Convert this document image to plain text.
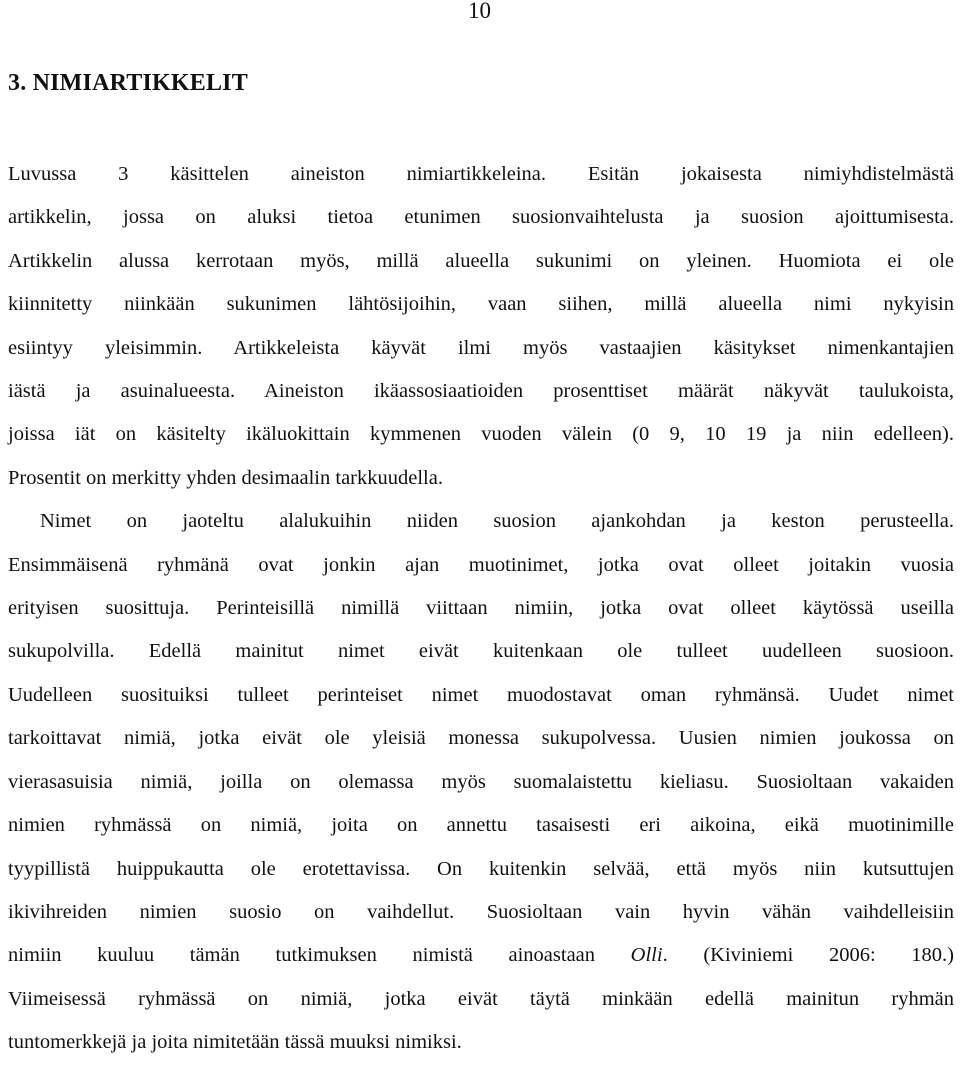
10
3. NIMIARTIKKELIT

Luvussa 3 käsittelen aineiston nimiartikkeleina. Esitän jokaisesta nimiyhdistelmästä
artikkelin, jossa on aluksi tietoa etunimen suosionvaihtelusta ja suosion ajoittumisesta.
Artikkelin alussa kerrotaan myös, millä alueella sukunimi on yleinen. Huomiota ei ole
kiinnitetty niinkään sukunimen lähtösijoihin, vaan siihen, millä alueella nimi nykyisin
esiintyy yleisimmin. Artikkeleista käyvät ilmi myös vastaajien käsitykset nimenkantajien
iästä ja asuinalueesta. Aineiston ikäassosiaatioiden prosenttiset määrät näkyvät taulukoista,
joissa iät on käsitelty ikäluokittain kymmenen vuoden välein (0 9, 10 19 ja niin edelleen).
Prosentit on merkitty yhden desimaalin tarkkuudella.

Nimet on jaoteltu alalukuihin niiden suosion ajankohdan ja keston perusteella.
Ensimmäisenä ryhmänä ovat jonkin ajan muotinimet, jotka ovat olleet joitakin vuosia
erityisen suosittuja. Perinteisillä nimillä viittaan nimiin, jotka ovat olleet käytössä useilla
sukupolvilla. Edellä mainitut nimet eivät kuitenkaan ole tulleet uudelleen suosioon.
Uudelleen suosituiksi tulleet perinteiset nimet muodostavat oman ryhmänsä. Uudet nimet
tarkoittavat nimiä, jotka eivät ole yleisiä monessa sukupolvessa. Uusien nimien joukossa on
vierasasuisia nimiä, joilla on olemassa myös suomalaistettu kieliasu. Suosioltaan vakaiden
nimien ryhmässä on nimiä, joita on annettu tasaisesti eri aikoina, eikä muotinimille
tyypillistä huippukautta ole erotettavissa. On kuitenkin selvää, että myös niin kutsuttujen
ikivihreiden nimien suosio on vaihdellut. Suosioltaan vain hyvin vähän vaihdelleisiin
nimiin kuuluu tämän tutkimuksen nimistä ainoastaan Olli. (Kiviniemi 2006: 180.)
Viimeisessä ryhmässä on nimiä, jotka eivät täytä minkään edellä mainitun ryhmän
tuntomerkkejä ja joita nimitetään tässä muuksi nimiksi.
